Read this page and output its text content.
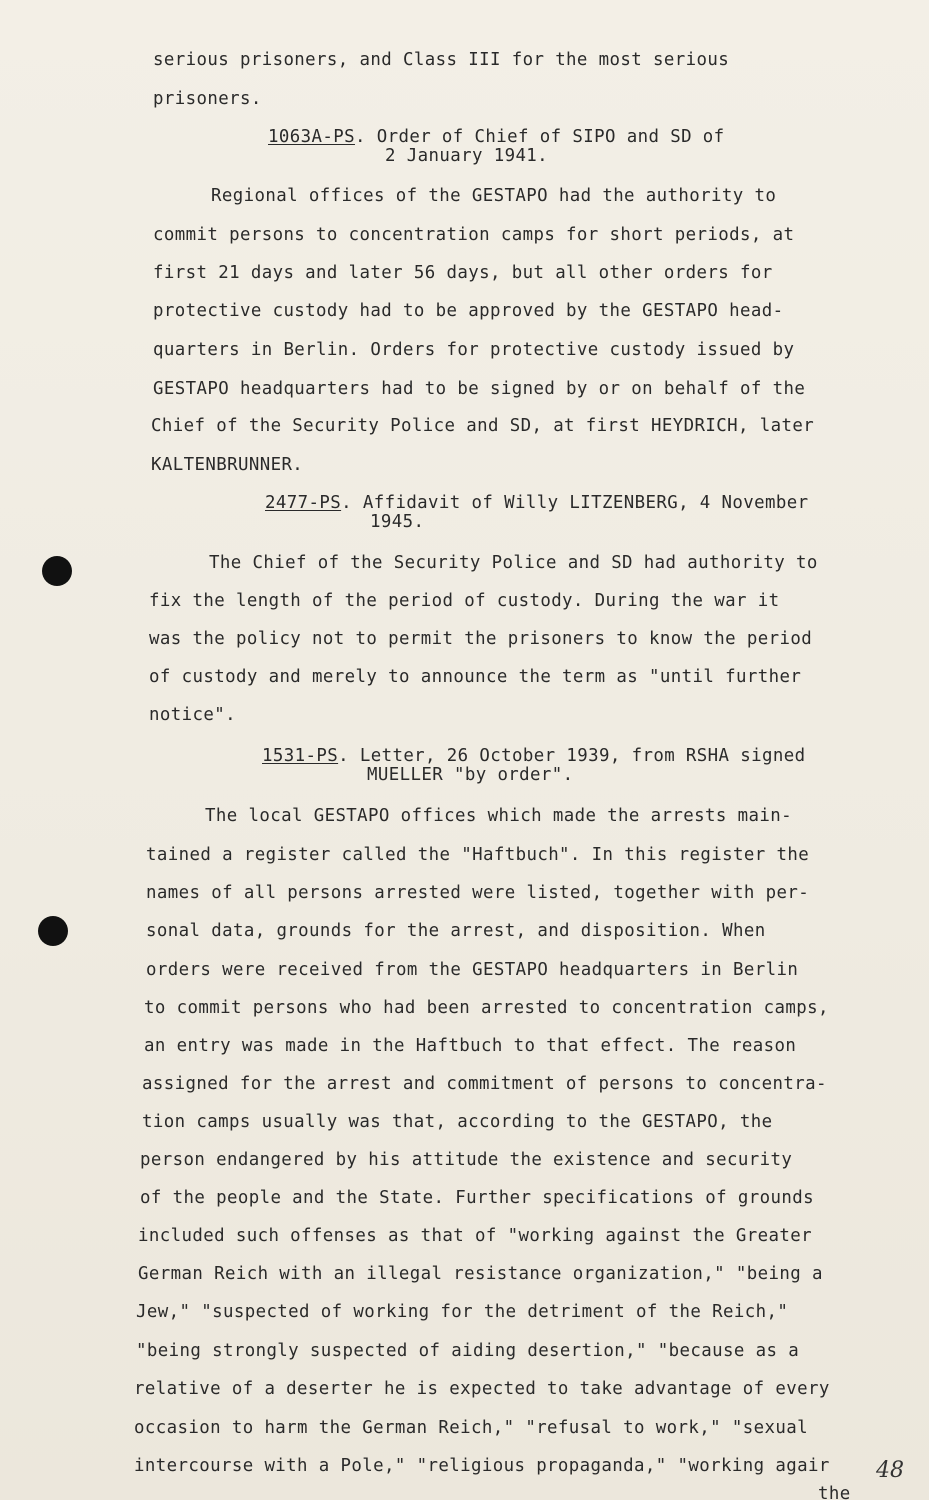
serious prisoners, and Class III for the most serious
prisoners.
1063A-PS. Order of Chief of SIPO and SD of
2 January 1941.
Regional offices of the GESTAPO had the authority to
commit persons to concentration camps for short periods, at
first 21 days and later 56 days, but all other orders for
protective custody had to be approved by the GESTAPO head-
quarters in Berlin. Orders for protective custody issued by
GESTAPO headquarters had to be signed by or on behalf of the
Chief of the Security Police and SD, at first HEYDRICH, later
KALTENBRUNNER.
2477-PS. Affidavit of Willy LITZENBERG, 4 November
1945.
The Chief of the Security Police and SD had authority to
fix the length of the period of custody. During the war it
was the policy not to permit the prisoners to know the period
of custody and merely to announce the term as "until further
notice".
1531-PS. Letter, 26 October 1939, from RSHA signed
MUELLER "by order".
The local GESTAPO offices which made the arrests main-
tained a register called the "Haftbuch". In this register the
names of all persons arrested were listed, together with per-
sonal data, grounds for the arrest, and disposition. When
orders were received from the GESTAPO headquarters in Berlin
to commit persons who had been arrested to concentration camps,
an entry was made in the Haftbuch to that effect. The reason
assigned for the arrest and commitment of persons to concentra-
tion camps usually was that, according to the GESTAPO, the
person endangered by his attitude the existence and security
of the people and the State. Further specifications of grounds
included such offenses as that of "working against the Greater
German Reich with an illegal resistance organization," "being a
Jew," "suspected of working for the detriment of the Reich,"
"being strongly suspected of aiding desertion," "because as a
relative of a deserter he is expected to take advantage of every
occasion to harm the German Reich," "refusal to work," "sexual
intercourse with a Pole," "religious propaganda," "working agair
the
48
